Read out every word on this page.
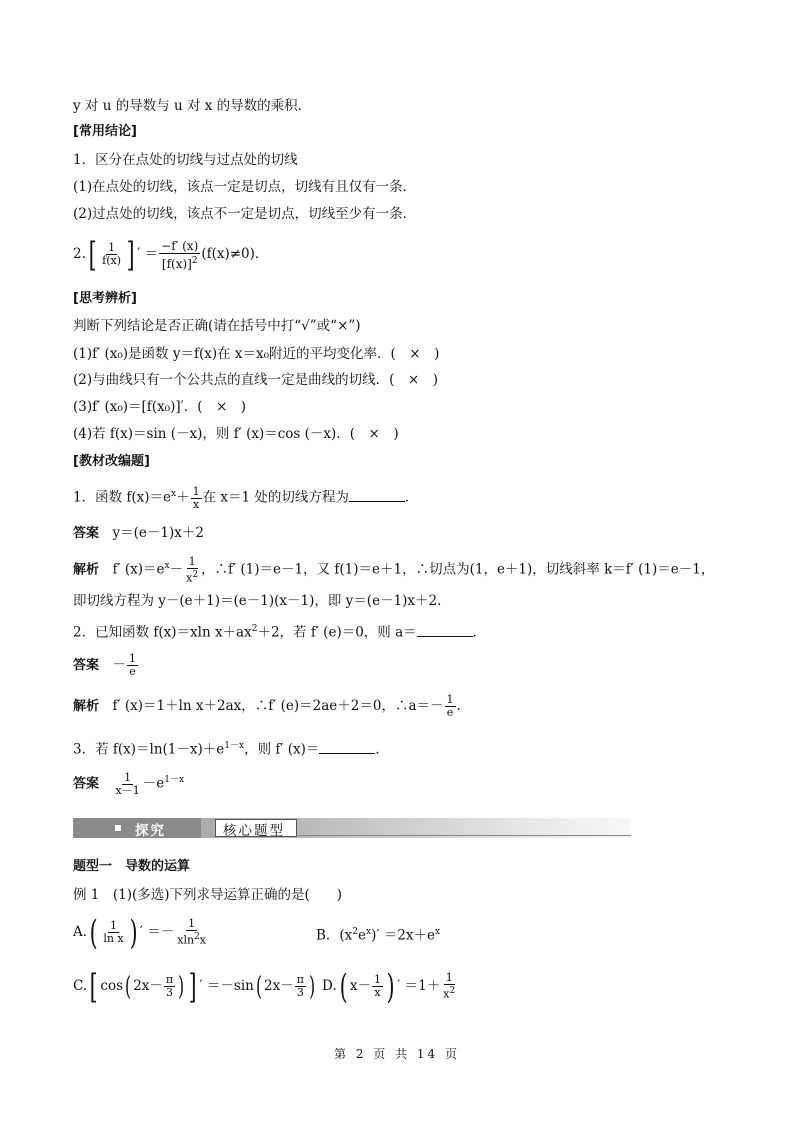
y 对 u 的导数与 u 对 x 的导数的乘积．
[常用结论]
1．区分在点处的切线与过点处的切线
(1)在点处的切线，该点一定是切点，切线有且仅有一条．
(2)过点处的切线，该点不一定是切点，切线至少有一条．
$2.[ \frac{1}{f(x)}$ ] ′ ＝ $\frac{-f' (x)}{[f(x)]^2} (f(x)\ne 0)$．
[思考辨析]
判断下列结论是否正确(请在括号中打“√”或“×”)
(1)f′ (x₀)是函数 y＝f(x)在 x＝x₀附近的平均变化率．(　×　)
(2)与曲线只有一个公共点的直线一定是曲线的切线．(　×　)
(3)f′ (x₀)＝[f(x₀)]′．(　×　)
(4)若 f(x)＝sin (－x)，则 f′ (x)＝cos (－x)．(　×　)
[教材改编题]
1．函数 $f(x)=e^x+ \frac{1}{x}$ 在 x＝1 处的切线方程为	．
答案　 y＝(e－1)x＋2
解析　 f′ $(x)=e^x- \frac{1}{x^2}$ ，∴f′ (1)＝e－1，又 f(1)＝e＋1，∴切点为(1，e＋1)，切线斜率 k＝f′ (1)＝e－1，
即切线方程为 y－(e＋1)＝(e－1)(x－1)，即 y＝(e－1)x＋2.
2．已知函数 f(x)＝xln $x+ax^2+2$，若 f′ (e)＝0，则 a＝	．
答案　 － $\frac{1}{e}$
解析　 f′ (x)＝1＋ln x＋2ax，∴f′ (e)＝2ae＋2＝0，∴a＝－ $\frac{1}{e}$ .
3．若 $f(x)=\ln(1-x)+e^{1-x}$，则 f′ (x)＝	．
答案　 $\frac{1}{x-1} -e^{1-x}$
探究	核心题型
题型一　导数的运算
例 1　(1)(多选)下列求导运算正确的是(　　)
$A.( \frac{1}{\text{ln x}}$ ) ′ ＝－ $\frac{1}{xln^2x}$	B．$(x^2e^x)' =2x+e^x$
C.[ cos( $2x- \frac{\pi}{3}$ ) ] ′ ＝－sin( $2x- \frac{\pi}{3}$ ) D.( $x- \frac{1}{x}$ ) ′ $=1+ \frac{1}{x^2}$
第 2 页 共 14 页
